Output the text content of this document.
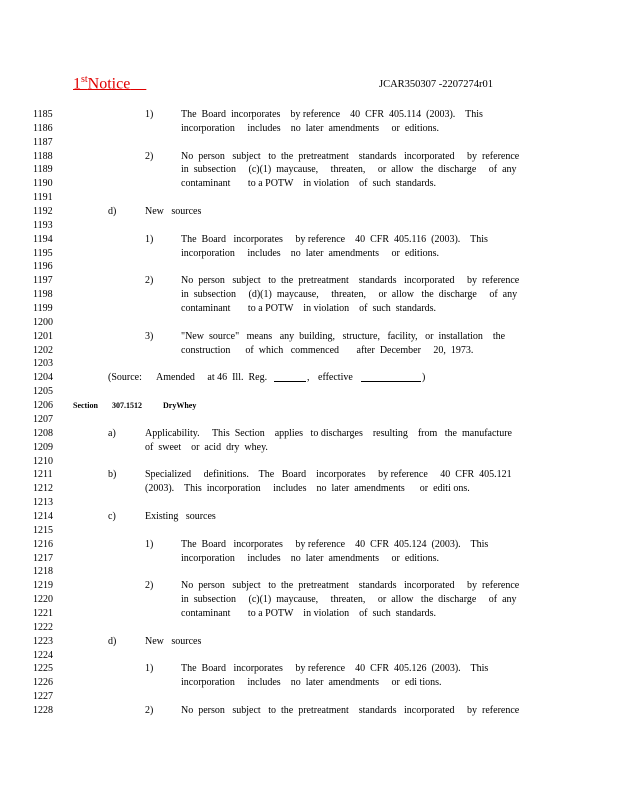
1stNotice	JCAR350307 -2207274r01
1185	1)	The  Board  incorporates    by reference    40  CFR  405.114  (2003).    This
1186	incorporation     includes    no  later  amendments     or  editions.
1187
1188	2)	No  person   subject   to  the  pretreatment    standards   incorporated     by  reference
1189	in  subsection     (c)(1)  maycause,     threaten,     or  allow   the  discharge     of  any
1190	contaminant       to a POTW    in violation    of  such  standards.
1191
1192	d)	New   sources
1193
1194	1)	The  Board   incorporates     by reference    40  CFR  405.116  (2003).    This
1195	incorporation     includes    no  later  amendments     or  editions.
1196
1197	2)	No  person   subject   to  the  pretreatment    standards   incorporated     by  reference
1198	in  subsection     (d)(1)  maycause,     threaten,     or  allow   the  discharge     of  any
1199	contaminant       to a POTW    in violation    of  such  standards.
1200
1201	3)	"New  source"   means   any  building,   structure,   facility,   or  installation    the
1202	construction      of  which   commenced       after  December     20,  1973.
1203
1204	(Source: Amended     at 46  Ill.  Reg.	, effective	)
1205
1206	Section 307.1512	DryWhey
1207
1208	a)	Applicability.     This  Section    applies   to discharges    resulting    from   the  manufacture
1209	of  sweet    or  acid  dry  whey.
1210
1211	b)	Specialized     definitions.    The   Board    incorporates     by reference     40  CFR  405.121
1212	(2003).    This  incorporation     includes    no  later  amendments      or  editi ons.
1213
1214	c)	Existing   sources
1215
1216	1)	The  Board   incorporates     by reference    40  CFR  405.124  (2003).    This
1217	incorporation     includes    no  later  amendments     or  editions.
1218
1219	2)	No  person   subject   to  the  pretreatment    standards   incorporated     by  reference
1220	in  subsection     (c)(1)  maycause,     threaten,     or  allow   the  discharge     of  any
1221	contaminant       to a POTW    in violation    of  such  standards.
1222
1223	d)	New   sources
1224
1225	1)	The  Board   incorporates     by reference    40  CFR  405.126  (2003).    This
1226	incorporation     includes    no  later  amendments     or  edi tions.
1227
1228	2)	No  person   subject   to  the  pretreatment    standards   incorporated     by  reference
